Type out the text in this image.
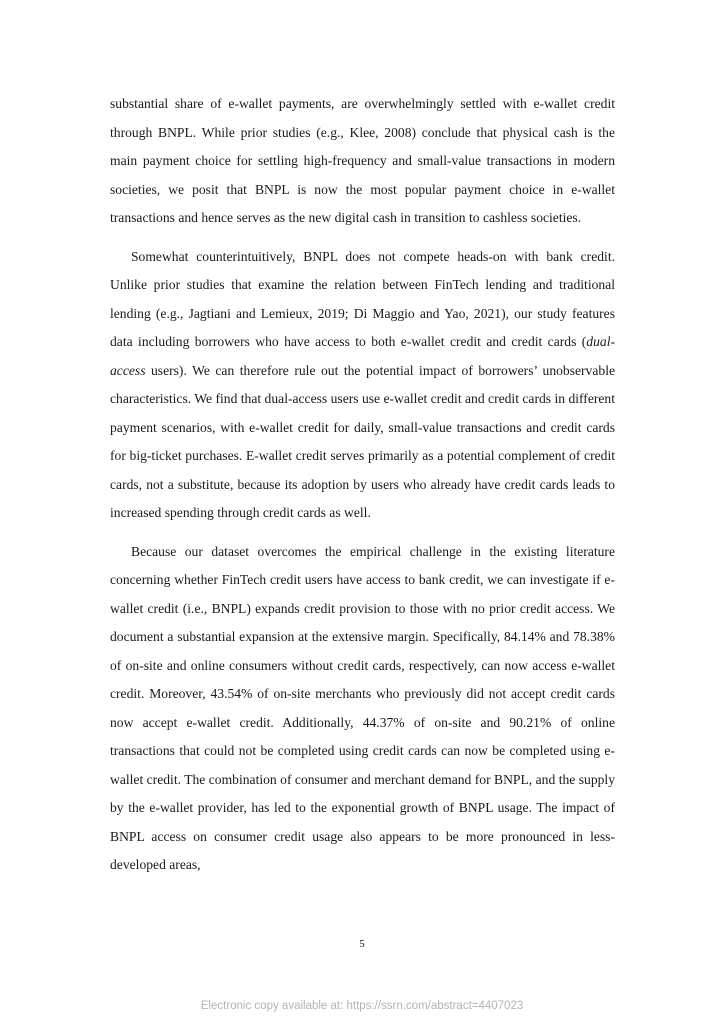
substantial share of e-wallet payments, are overwhelmingly settled with e-wallet credit through BNPL. While prior studies (e.g., Klee, 2008) conclude that physical cash is the main payment choice for settling high-frequency and small-value transactions in modern societies, we posit that BNPL is now the most popular payment choice in e-wallet transactions and hence serves as the new digital cash in transition to cashless societies.

Somewhat counterintuitively, BNPL does not compete heads-on with bank credit. Unlike prior studies that examine the relation between FinTech lending and traditional lending (e.g., Jagtiani and Lemieux, 2019; Di Maggio and Yao, 2021), our study features data including borrowers who have access to both e-wallet credit and credit cards (dual-access users). We can therefore rule out the potential impact of borrowers’ unobservable characteristics. We find that dual-access users use e-wallet credit and credit cards in different payment scenarios, with e-wallet credit for daily, small-value transactions and credit cards for big-ticket purchases. E-wallet credit serves primarily as a potential complement of credit cards, not a substitute, because its adoption by users who already have credit cards leads to increased spending through credit cards as well.

Because our dataset overcomes the empirical challenge in the existing literature concerning whether FinTech credit users have access to bank credit, we can investigate if e-wallet credit (i.e., BNPL) expands credit provision to those with no prior credit access. We document a substantial expansion at the extensive margin. Specifically, 84.14% and 78.38% of on-site and online consumers without credit cards, respectively, can now access e-wallet credit. Moreover, 43.54% of on-site merchants who previously did not accept credit cards now accept e-wallet credit. Additionally, 44.37% of on-site and 90.21% of online transactions that could not be completed using credit cards can now be completed using e-wallet credit. The combination of consumer and merchant demand for BNPL, and the supply by the e-wallet provider, has led to the exponential growth of BNPL usage. The impact of BNPL access on consumer credit usage also appears to be more pronounced in less-developed areas,

5
Electronic copy available at: https://ssrn.com/abstract=4407023
